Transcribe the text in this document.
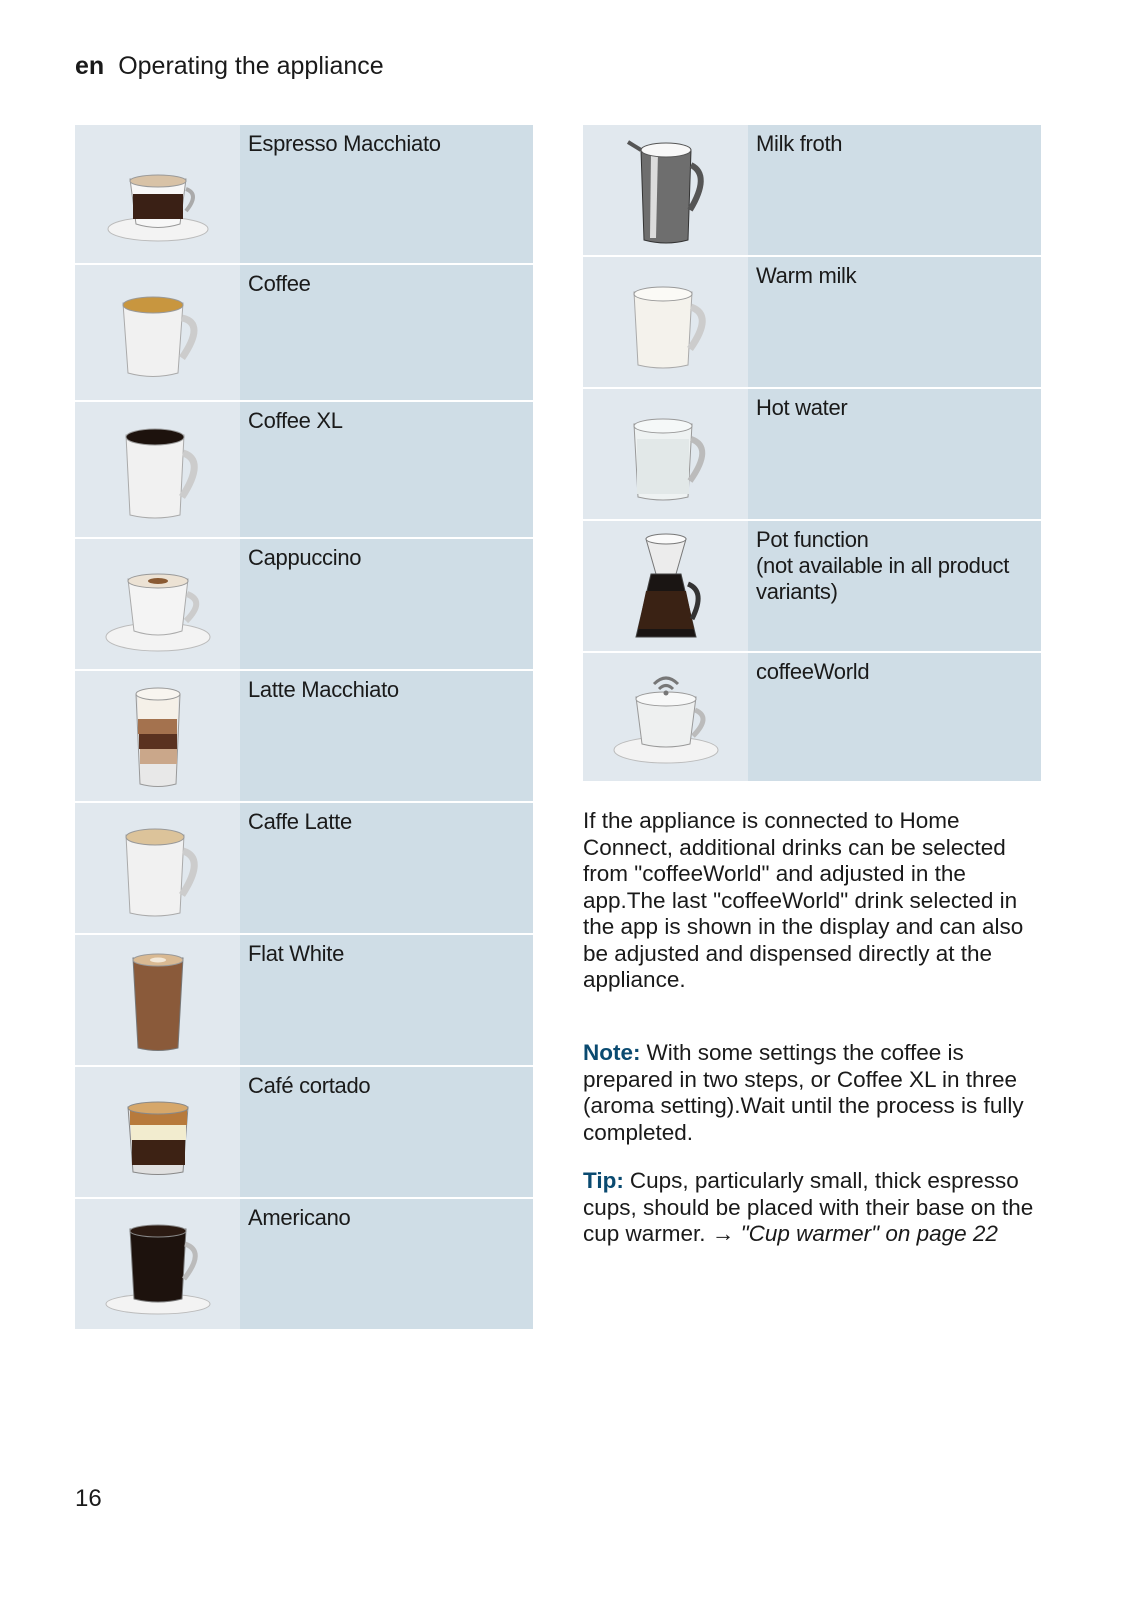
en Operating the appliance
Espresso Macchiato
Coffee
Coffee XL
Cappuccino
Latte Macchiato
Caffe Latte
Flat White
Café cortado
Americano
Milk froth
Warm milk
Hot water
Pot function
(not available in all product variants)
coffeeWorld
If the appliance is connected to Home Connect, additional drinks can be selected from "coffeeWorld" and adjusted in the app.The last "coffeeWorld" drink selected in the app is shown in the display and can also be adjusted and dispensed directly at the appliance.
Note: With some settings the coffee is prepared in two steps, or Coffee XL in three (aroma setting).Wait until the process is fully completed.
Tip: Cups, particularly small, thick espresso cups, should be placed with their base on the cup warmer. → "Cup warmer" on page 22
16
